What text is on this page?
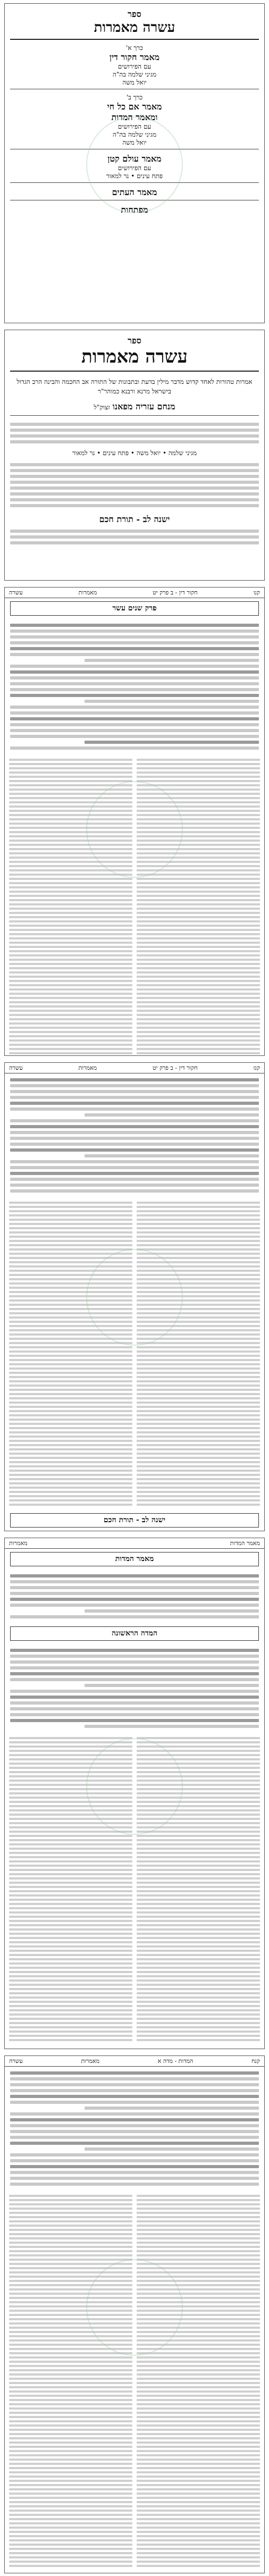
ספר
עשרה מאמרות
כרך א'
מאמר חקור דין
עם הפירושים
מגיני שלמה בה"ה
יואל משה
כרך ב'
מאמר אם כל חי
ומאמר המדות
עם הפירושים
מגיני שלמה בה"ה
יואל משה
מאמר עולם קטן
עם הפירושים
פתח עינים • נר למאור
מאמר העתים
מפתחות
ספר
עשרה מאמרות
אמרות טהורות לאחד קדוש מדבר מילין בדעת ובתבונות של התורה אב החכמה והבינה הרב הגדול בישראל מרנא ורבנא כמוהר"ר
מנחם עזריה מפאנו זצוק"ל
מגיני שלמה • יואל משה • פתח עינים • נר למאור
ישנה לב - תורת חכם
קנו
חקור דין - ב פרק יט
מאמרות
עשרה
פרק שנים עשר
קנז
חקור דין - ב פרק יט
מאמרות
עשרה
ישנה לב - תורת חכם
מאמר המדות
מאמרות
מאמר המדות
המדה הראשונה
קנח
המדות - מדה א
מאמרות
עשרה
